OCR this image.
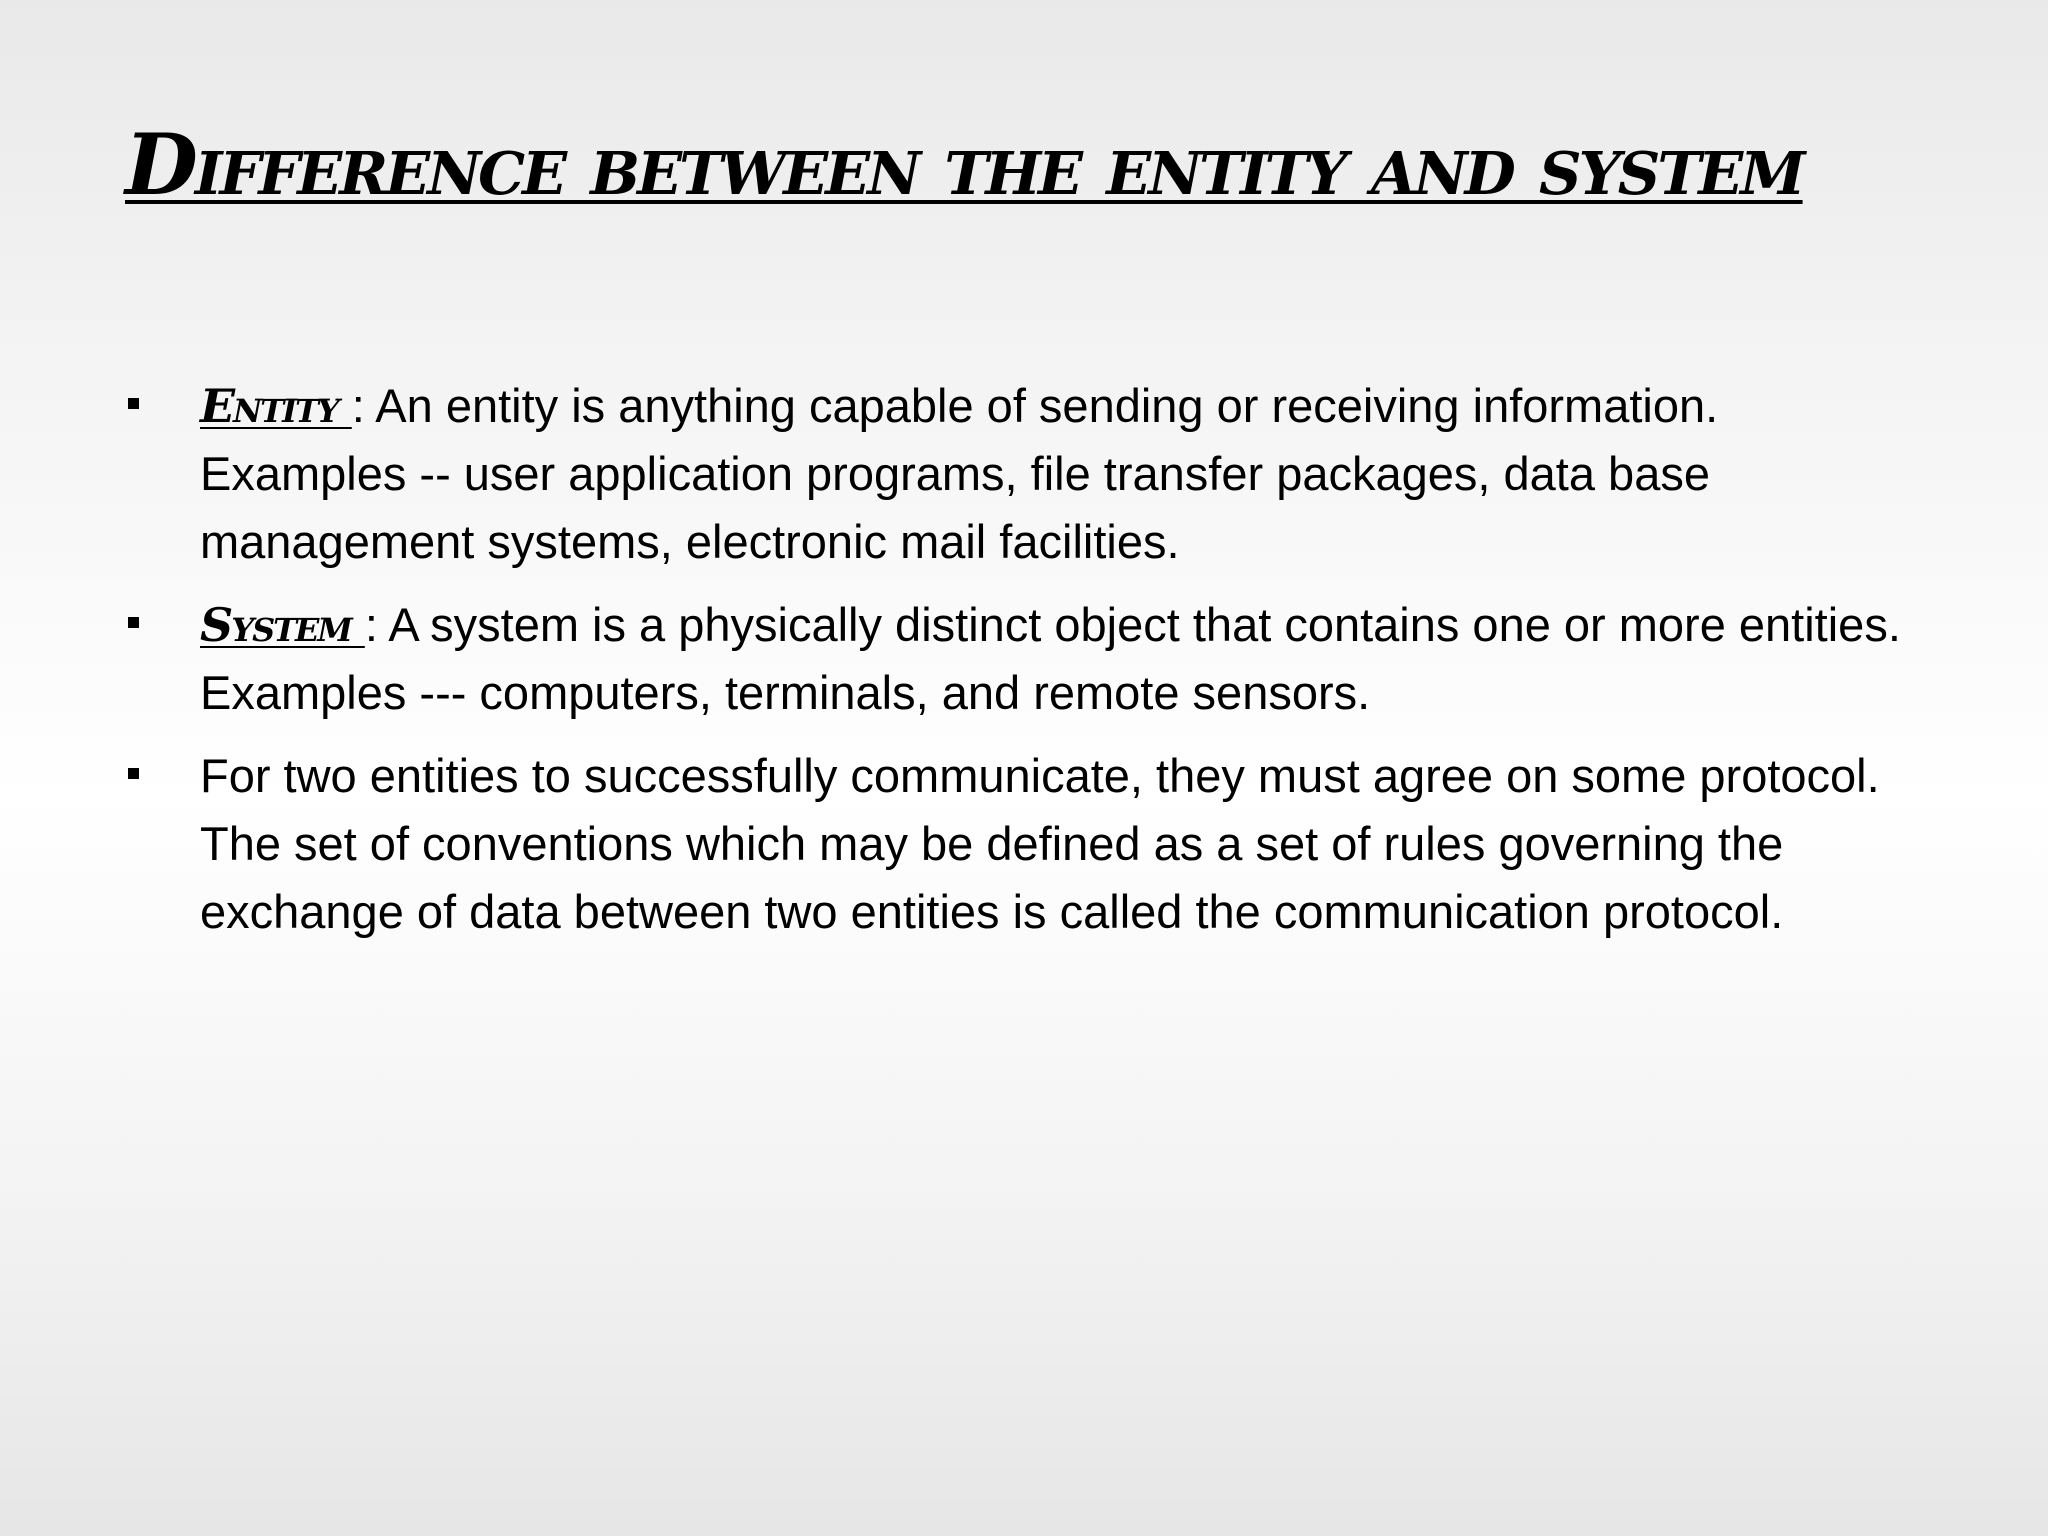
Difference between the entity and system
Entity : An entity is anything capable of sending or receiving information. Examples -- user application programs, file transfer packages, data base management systems, electronic mail facilities.
System : A system is a physically distinct object that contains one or more entities. Examples --- computers, terminals, and remote sensors.
For two entities to successfully communicate, they must agree on some protocol. The set of conventions which may be defined as a set of rules governing the exchange of data between two entities is called the communication protocol.
